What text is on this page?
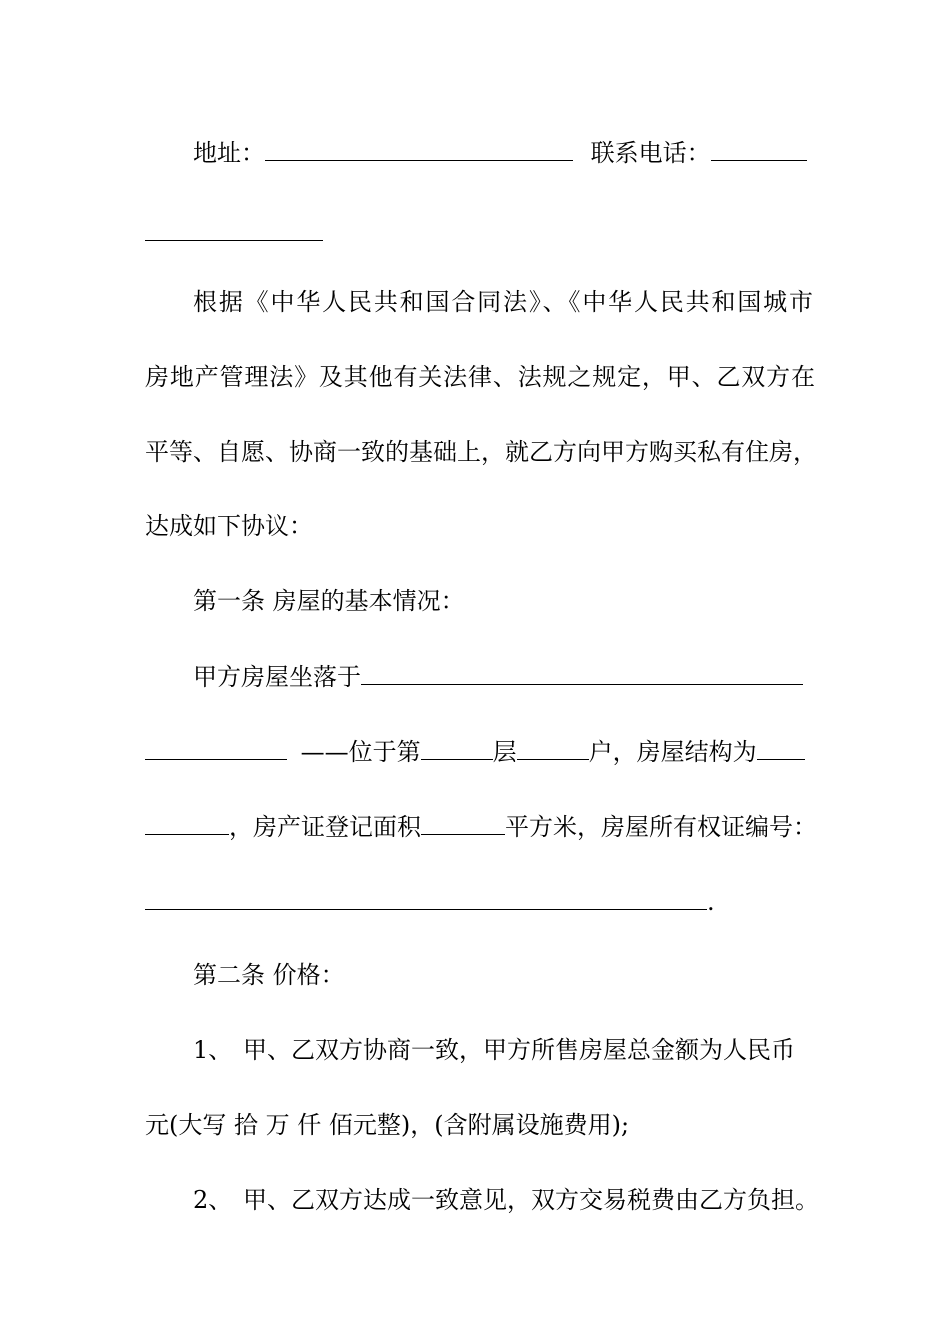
地址：	联系电话：
根据《中华人民共和国合同法》、《中华人民共和国城市
房地产管理法》及其他有关法律、法规之规定，甲、乙双方在
平等、自愿、协商一致的基础上，就乙方向甲方购买私有住房，
达成如下协议：
第一条 房屋的基本情况：
甲方房屋坐落于
——位于第	层	户，房屋结构为
，房产证登记面积	平方米，房屋所有权证编号：
.
第二条 价格：
1、 甲、乙双方协商一致，甲方所售房屋总金额为人民币
元(大写 拾 万 仟 佰元整)，(含附属设施费用);
2、 甲、乙双方达成一致意见，双方交易税费由乙方负担。
